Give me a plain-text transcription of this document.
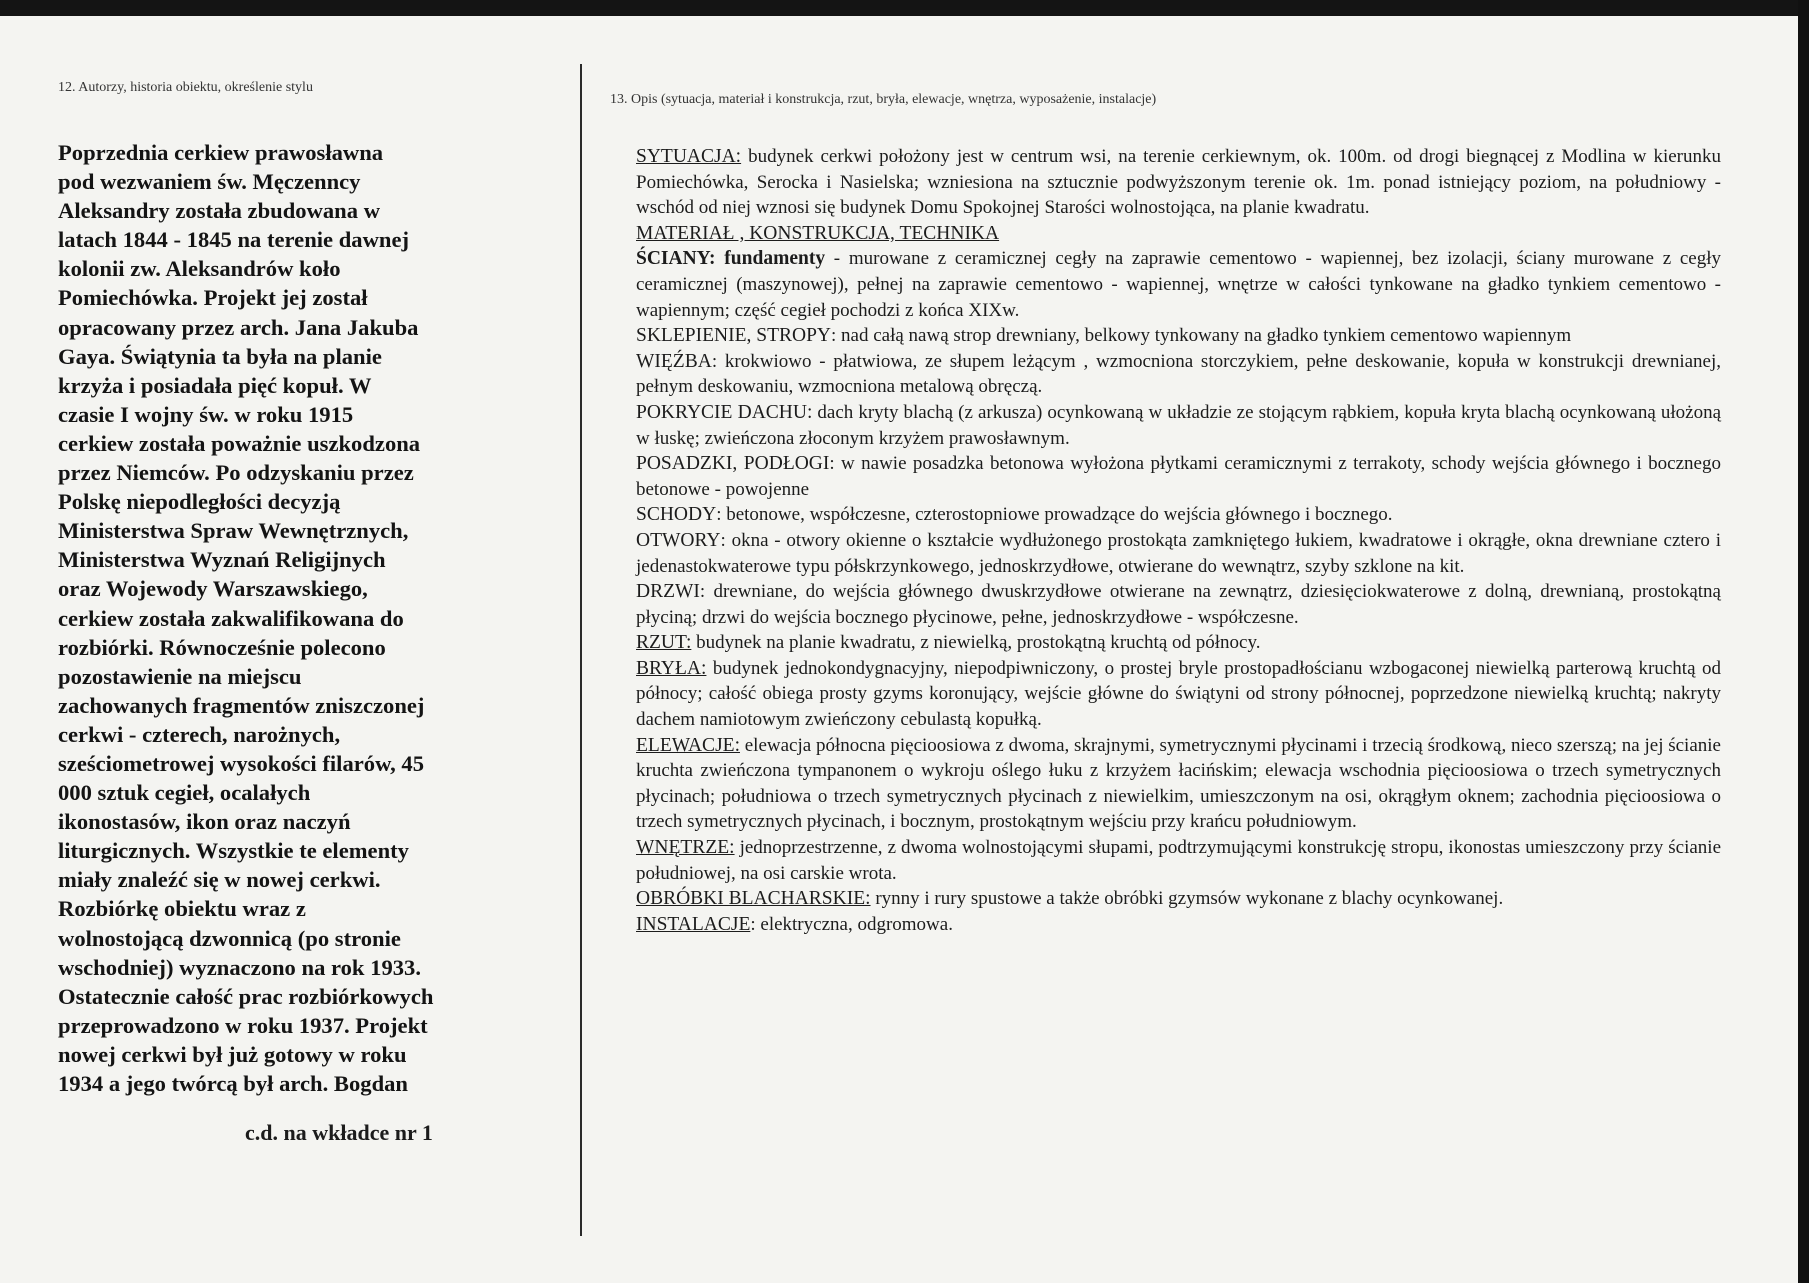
12. Autorzy, historia obiektu, określenie stylu

Poprzednia cerkiew prawosławna
pod wezwaniem św. Męczenncy
Aleksandry została zbudowana w
latach 1844 - 1845 na terenie dawnej
kolonii zw. Aleksandrów koło
Pomiechówka. Projekt jej został
opracowany przez arch. Jana Jakuba
Gaya. Świątynia ta była na planie
krzyża i posiadała pięć kopuł. W
czasie I wojny św. w roku 1915
cerkiew została poważnie uszkodzona
przez Niemców. Po odzyskaniu przez
Polskę niepodległości decyzją
Ministerstwa Spraw Wewnętrznych,
Ministerstwa Wyznań Religijnych
oraz Wojewody Warszawskiego,
cerkiew została zakwalifikowana do
rozbiórki. Równocześnie polecono
pozostawienie na miejscu
zachowanych fragmentów zniszczonej
cerkwi - czterech, narożnych,
sześciometrowej wysokości filarów, 45
000 sztuk cegieł, ocalałych
ikonostasów, ikon oraz naczyń
liturgicznych. Wszystkie te elementy
miały znaleźć się w nowej cerkwi.
Rozbiórkę obiektu wraz z
wolnostojącą dzwonnicą (po stronie
wschodniej) wyznaczono na rok 1933.
Ostatecznie całość prac rozbiórkowych
przeprowadzono w roku 1937. Projekt
nowej cerkwi był już gotowy w roku
1934 a jego twórcą był arch. Bogdan
c.d. na wkładce nr 1

13. Opis (sytuacja, materiał i konstrukcja, rzut, bryła, elewacje, wnętrza, wyposażenie, instalacje)

SYTUACJA: budynek cerkwi położony jest w centrum wsi, na terenie cerkiewnym, ok. 100m. od drogi biegnącej z Modlina w kierunku Pomiechówka, Serocka i Nasielska; wzniesiona na sztucznie podwyższonym terenie ok. 1m. ponad istniejący poziom, na południowy - wschód od niej wznosi się budynek Domu Spokojnej Starości wolnostojąca, na planie kwadratu.

MATERIAŁ , KONSTRUKCJA, TECHNIKA

ŚCIANY: fundamenty - murowane z ceramicznej cegły na zaprawie cementowo - wapiennej, bez izolacji, ściany murowane z cegły ceramicznej (maszynowej), pełnej na zaprawie cementowo - wapiennej, wnętrze w całości tynkowane na gładko tynkiem cementowo - wapiennym; część cegieł pochodzi z końca XIXw.

SKLEPIENIE, STROPY: nad całą nawą strop drewniany, belkowy tynkowany na gładko tynkiem cementowo wapiennym

WIĘŹBA: krokwiowo - płatwiowa, ze słupem leżącym , wzmocniona storczykiem, pełne deskowanie, kopuła w konstrukcji drewnianej, pełnym deskowaniu, wzmocniona metalową obręczą.

POKRYCIE DACHU: dach kryty blachą (z arkusza) ocynkowaną w układzie ze stojącym rąbkiem, kopuła kryta blachą ocynkowaną ułożoną w łuskę; zwieńczona złoconym krzyżem prawosławnym.

POSADZKI, PODŁOGI: w nawie posadzka betonowa wyłożona płytkami ceramicznymi z terrakoty, schody wejścia głównego i bocznego betonowe - powojenne

SCHODY: betonowe, współczesne, czterostopniowe prowadzące do wejścia głównego i bocznego.

OTWORY: okna - otwory okienne o kształcie wydłużonego prostokąta zamkniętego łukiem, kwadratowe i okrągłe, okna drewniane cztero i jedenastokwaterowe typu półskrzynkowego, jednoskrzydłowe, otwierane do wewnątrz, szyby szklone na kit.

DRZWI: drewniane, do wejścia głównego dwuskrzydłowe otwierane na zewnątrz, dziesięciokwaterowe z dolną, drewnianą, prostokątną płyciną; drzwi do wejścia bocznego płycinowe, pełne, jednoskrzydłowe - współczesne.

RZUT: budynek na planie kwadratu, z niewielką, prostokątną kruchtą od północy.

BRYŁA: budynek jednokondygnacyjny, niepodpiwniczony, o prostej bryle prostopadłościanu wzbogaconej niewielką parterową kruchtą od północy; całość obiega prosty gzyms koronujący, wejście główne do świątyni od strony północnej, poprzedzone niewielką kruchtą; nakryty dachem namiotowym zwieńczony cebulastą kopułką.

ELEWACJE: elewacja północna pięcioosiowa z dwoma, skrajnymi, symetrycznymi płycinami i trzecią środkową, nieco szerszą; na jej ścianie kruchta zwieńczona tympanonem o wykroju oślego łuku z krzyżem łacińskim; elewacja wschodnia pięcioosiowa o trzech symetrycznych płycinach; południowa o trzech symetrycznych płycinach z niewielkim, umieszczonym na osi, okrągłym oknem; zachodnia pięcioosiowa o trzech symetrycznych płycinach, i bocznym, prostokątnym wejściu przy krańcu południowym.

WNĘTRZE: jednoprzestrzenne, z dwoma wolnostojącymi słupami, podtrzymującymi konstrukcję stropu, ikonostas umieszczony przy ścianie południowej, na osi carskie wrota.

OBRÓBKI BLACHARSKIE: rynny i rury spustowe a także obróbki gzymsów wykonane z blachy ocynkowanej.

INSTALACJE: elektryczna, odgromowa.
